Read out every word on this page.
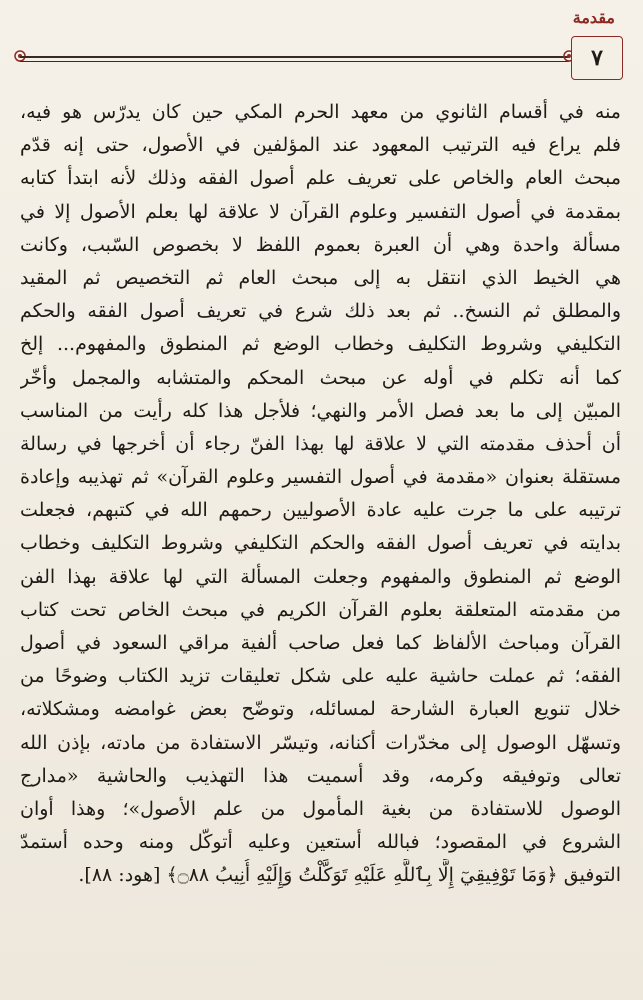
مقدمة
٧
منه في أقسام الثانوي من معهد الحرم المكي حين كان يدرّس هو فيه،
فلم يراع فيه الترتيب المعهود عند المؤلفين في الأصول، حتى إنه قدّم
مبحث العام والخاص على تعريف علم أصول الفقه وذلك لأنه ابتدأ كتابه
بمقدمة في أصول التفسير وعلوم القرآن لا علاقة لها بعلم الأصول إلا في
مسألة واحدة وهي أن العبرة بعموم اللفظ لا بخصوص السّبب، وكانت
هي الخيط الذي انتقل به إلى مبحث العام ثم التخصيص ثم المقيد
والمطلق ثم النسخ.. ثم بعد ذلك شرع في تعريف أصول الفقه والحكم
التكليفي وشروط التكليف وخطاب الوضع ثم المنطوق والمفهوم... إلخ
كما أنه تكلم في أوله عن مبحث المحكم والمتشابه والمجمل وأخّر
المبيّن إلى ما بعد فصل الأمر والنهي؛ فلأجل هذا كله رأيت من المناسب
أن أحذف مقدمته التي لا علاقة لها بهذا الفنّ رجاء أن أخرجها في رسالة
مستقلة بعنوان «مقدمة في أصول التفسير وعلوم القرآن» ثم تهذيبه وإعادة
ترتيبه على ما جرت عليه عادة الأصوليين رحمهم الله في كتبهم، فجعلت
بدايته في تعريف أصول الفقه والحكم التكليفي وشروط التكليف وخطاب
الوضع ثم المنطوق والمفهوم وجعلت المسألة التي لها علاقة بهذا الفن
من مقدمته المتعلقة بعلوم القرآن الكريم في مبحث الخاص تحت كتاب
القرآن ومباحث الألفاظ كما فعل صاحب ألفية مراقي السعود في أصول
الفقه؛ ثم عملت حاشية عليه على شكل تعليقات تزيد الكتاب وضوحًا من
خلال تنويع العبارة الشارحة لمسائله، وتوضّح بعض غوامضه ومشكلاته،
وتسهّل الوصول إلى مخدّرات أكنانه، وتيسّر الاستفادة من مادته، بإذن الله
تعالى وتوفيقه وكرمه، وقد أسميت هذا التهذيب والحاشية «مدارج
الوصول للاستفادة من بغية المأمول من علم الأصول»؛ وهذا أوان
الشروع في المقصود؛ فبالله أستعين وعليه أتوكّل ومنه وحده أستمدّ
التوفيق ﴿وَمَا تَوْفِيقِيٓ إِلَّا بِٱللَّهِ عَلَيْهِ تَوَكَّلْتُ وَإِلَيْهِ أُنِيبُ ۝٨٨﴾ [هود: ٨٨].
